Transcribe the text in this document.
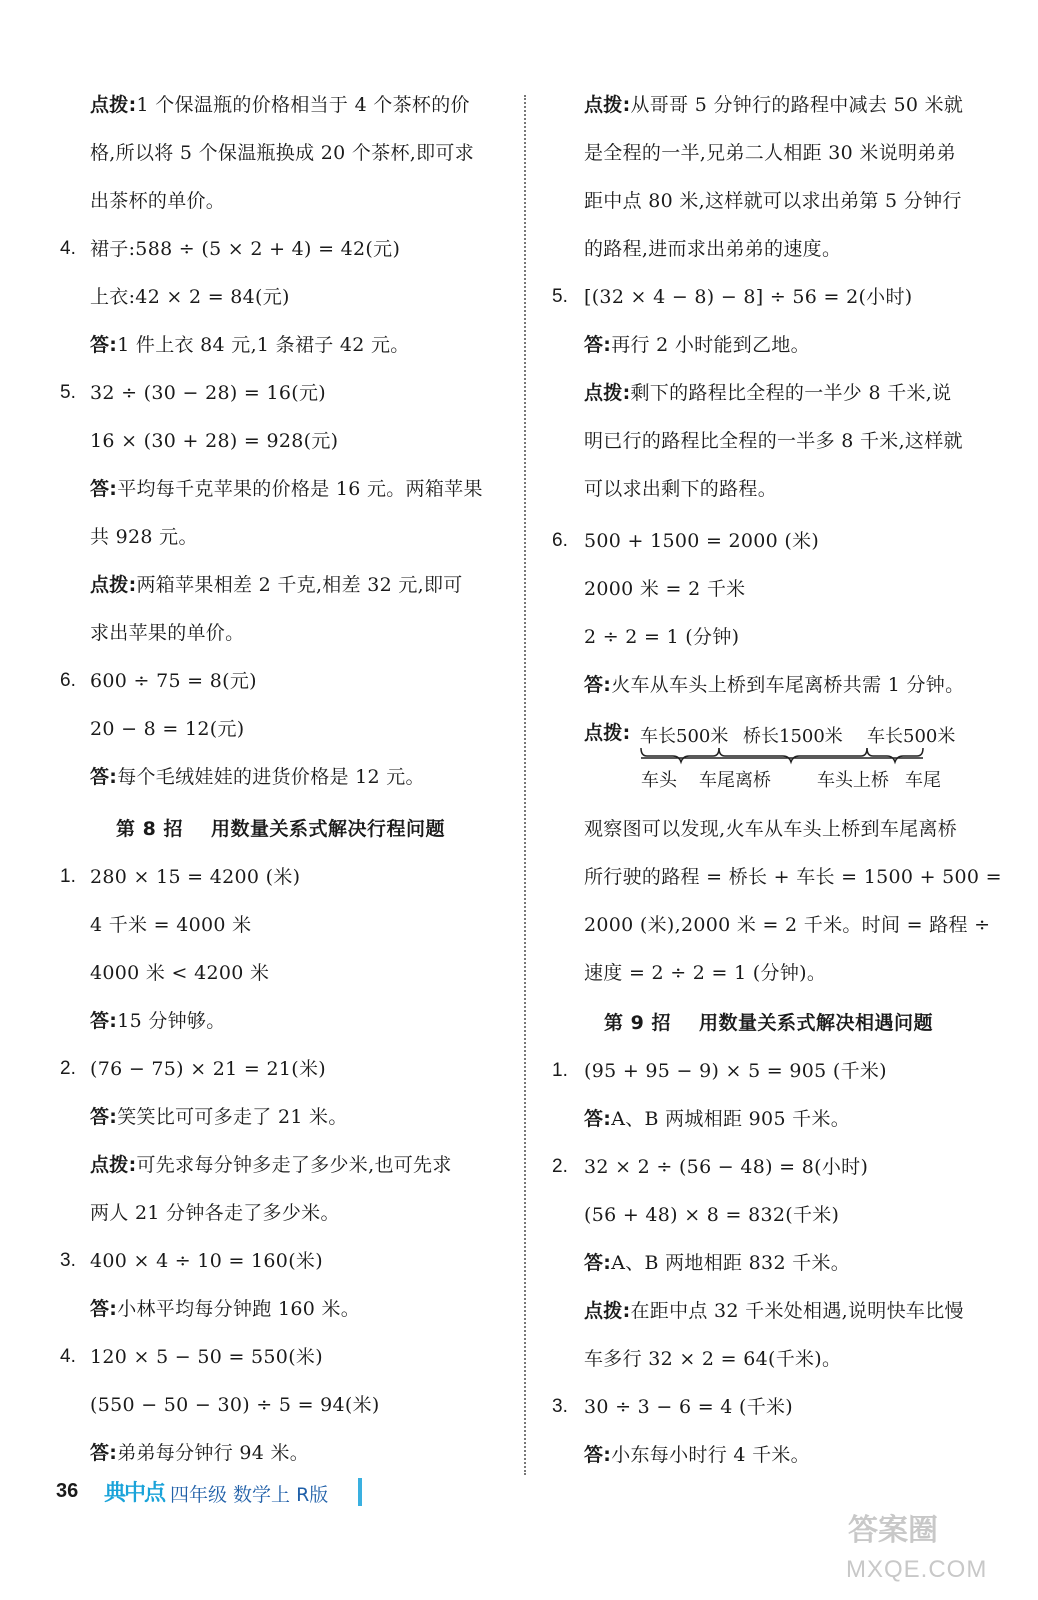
点拨:1 个保温瓶的价格相当于 4 个茶杯的价
格,所以将 5 个保温瓶换成 20 个茶杯,即可求
出茶杯的单价。
4. 裙子:588 ÷ (5 × 2 + 4) = 42(元)
上衣:42 × 2 = 84(元)
答:1 件上衣 84 元,1 条裙子 42 元。
5. 32 ÷ (30 − 28) = 16(元)
16 × (30 + 28) = 928(元)
答:平均每千克苹果的价格是 16 元。两箱苹果
共 928 元。
点拨:两箱苹果相差 2 千克,相差 32 元,即可
求出苹果的单价。
6. 600 ÷ 75 = 8(元)
20 − 8 = 12(元)
答:每个毛绒娃娃的进货价格是 12 元。
第 8 招 用数量关系式解决行程问题
1. 280 × 15 = 4200 (米)
4 千米 = 4000 米
4000 米 < 4200 米
答:15 分钟够。
2. (76 − 75) × 21 = 21(米)
答:笑笑比可可多走了 21 米。
点拨:可先求每分钟多走了多少米,也可先求
两人 21 分钟各走了多少米。
3. 400 × 4 ÷ 10 = 160(米)
答:小林平均每分钟跑 160 米。
4. 120 × 5 − 50 = 550(米)
(550 − 50 − 30) ÷ 5 = 94(米)
答:弟弟每分钟行 94 米。
点拨:从哥哥 5 分钟行的路程中减去 50 米就
是全程的一半,兄弟二人相距 30 米说明弟弟
距中点 80 米,这样就可以求出弟第 5 分钟行
的路程,进而求出弟弟的速度。
5. [(32 × 4 − 8) − 8] ÷ 56 = 2(小时)
答:再行 2 小时能到乙地。
点拨:剩下的路程比全程的一半少 8 千米,说
明已行的路程比全程的一半多 8 千米,这样就
可以求出剩下的路程。
6. 500 + 1500 = 2000 (米)
2000 米 = 2 千米
2 ÷ 2 = 1 (分钟)
答:火车从车头上桥到车尾离桥共需 1 分钟。
点拨: 车长500米 桥长1500米 车长500米
车头 车尾离桥	车头上桥 车尾
观察图可以发现,火车从车头上桥到车尾离桥
所行驶的路程 = 桥长 + 车长 = 1500 + 500 =
2000 (米),2000 米 = 2 千米。时间 = 路程 ÷
速度 = 2 ÷ 2 = 1 (分钟)。
第 9 招 用数量关系式解决相遇问题
1. (95 + 95 − 9) × 5 = 905 (千米)
答:A、B 两城相距 905 千米。
2. 32 × 2 ÷ (56 − 48) = 8(小时)
(56 + 48) × 8 = 832(千米)
答:A、B 两地相距 832 千米。
点拨:在距中点 32 千米处相遇,说明快车比慢
车多行 32 × 2 = 64(千米)。
3. 30 ÷ 3 − 6 = 4 (千米)
答:小东每小时行 4 千米。
36 典中点 四年级 数学上 R版
答案圈
MXQE.COM
